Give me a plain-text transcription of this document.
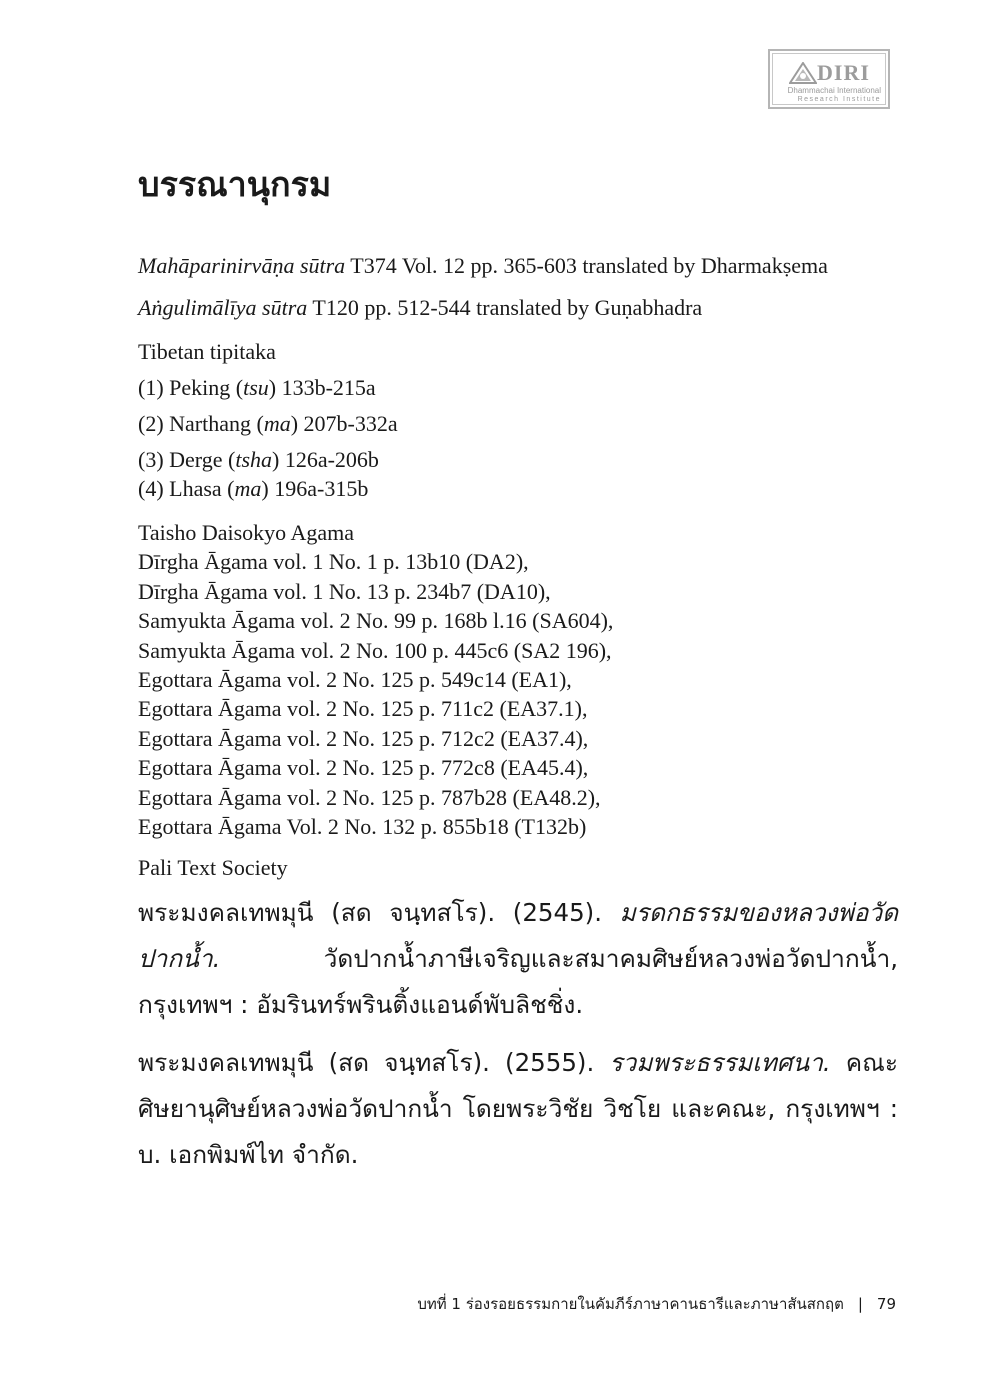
DIRI
Dhammachai International
Research Institute
บรรณานุกรม
Mahāparinirvāṇa sūtra T374 Vol. 12 pp. 365-603 translated by Dharmakṣema
Aṅgulimālīya sūtra T120 pp. 512-544 translated by Guṇabhadra
Tibetan tipitaka
(1) Peking (tsu) 133b-215a
(2) Narthang (ma) 207b-332a
(3) Derge (tsha) 126a-206b
(4) Lhasa (ma) 196a-315b
Taisho Daisokyo Agama
Dīrgha Āgama vol. 1 No. 1 p. 13b10 (DA2),
Dīrgha Āgama vol. 1 No. 13 p. 234b7 (DA10),
Samyukta Āgama vol. 2 No. 99 p. 168b l.16 (SA604),
Samyukta Āgama vol. 2 No. 100 p. 445c6 (SA2 196),
Egottara Āgama vol. 2 No. 125 p. 549c14 (EA1),
Egottara Āgama vol. 2 No. 125 p. 711c2 (EA37.1),
Egottara Āgama vol. 2 No. 125 p. 712c2 (EA37.4),
Egottara Āgama vol. 2 No. 125 p. 772c8 (EA45.4),
Egottara Āgama vol. 2 No. 125 p. 787b28 (EA48.2),
Egottara Āgama Vol. 2 No. 132 p. 855b18 (T132b)
Pali Text Society

พระมงคลเทพมุนี (สด จนฺทสโร). (2545). มรดกธรรมของหลวงพ่อวัดปากน้ำ. วัดปากน้ำภาษีเจริญและสมาคมศิษย์หลวงพ่อวัดปากน้ำ, กรุงเทพฯ : อัมรินทร์พรินติ้งแอนด์พับลิชชิ่ง.

พระมงคลเทพมุนี (สด จนฺทสโร). (2555). รวมพระธรรมเทศนา. คณะศิษยานุศิษย์หลวงพ่อวัดปากน้ำ โดยพระวิชัย วิชโย และคณะ, กรุงเทพฯ : บ. เอกพิมพ์ไท จำกัด.

บทที่ 1 ร่องรอยธรรมกายในคัมภีร์ภาษาคานธารีและภาษาสันสกฤต | 79
